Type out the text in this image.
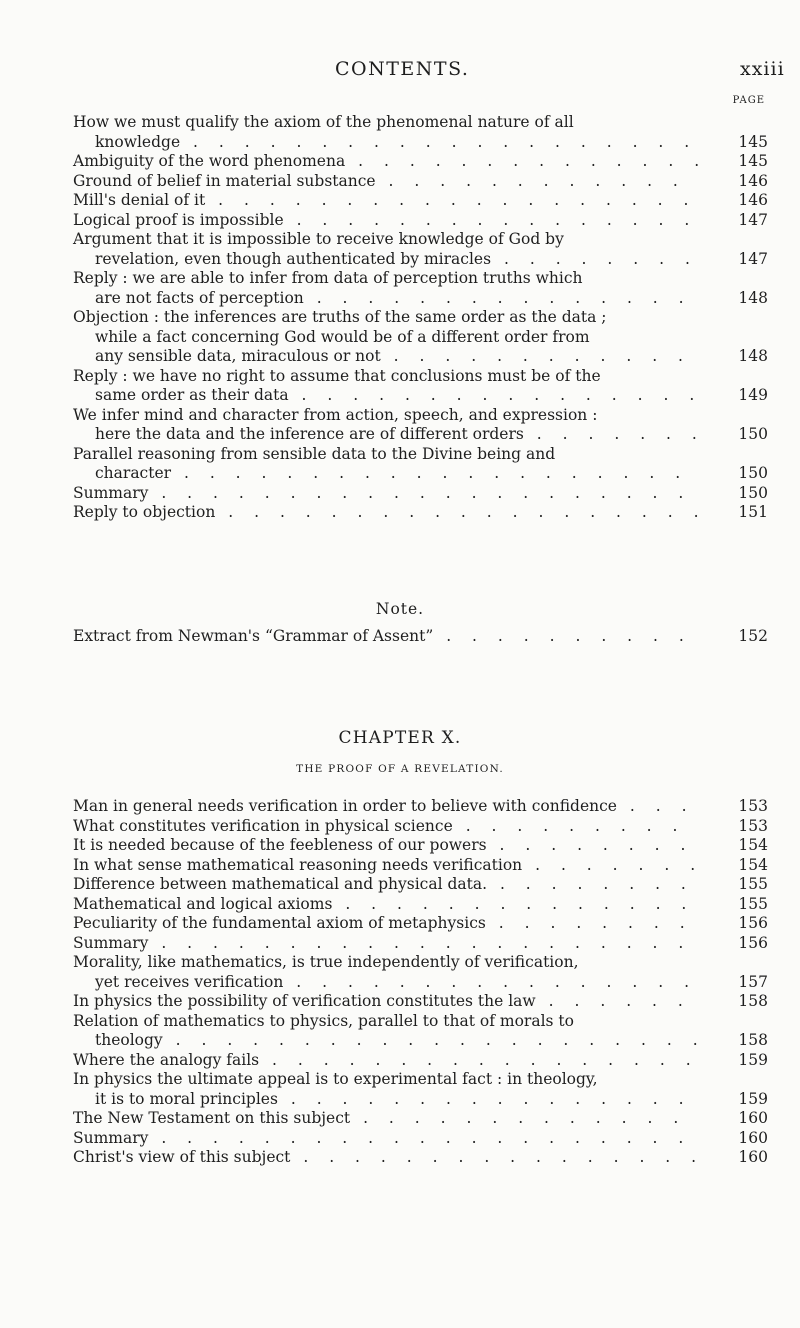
CONTENTS.	xxiii
PAGE
How we must qualify the axiom of the phenomenal nature of all
knowledge . . . . . . . . . . . . . . . . . . . .	145
Ambiguity of the word phenomena . . . . . . . . . . . . . .	145
Ground of belief in material substance . . . . . . . . . . . .	146
Mill's denial of it . . . . . . . . . . . . . . . . . . .	146
Logical proof is impossible . . . . . . . . . . . . . . . .	147
Argument that it is impossible to receive knowledge of God by
revelation, even though authenticated by miracles . . . . . . . .	147
Reply : we are able to infer from data of perception truths which
are not facts of perception . . . . . . . . . . . . . . .	148
Objection : the inferences are truths of the same order as the data ;
while a fact concerning God would be of a different order from
any sensible data, miraculous or not . . . . . . . . . . . .	148
Reply : we have no right to assume that conclusions must be of the
same order as their data . . . . . . . . . . . . . . . .	149
We infer mind and character from action, speech, and expression :
here the data and the inference are of different orders . . . . . . .	150
Parallel reasoning from sensible data to the Divine being and
character . . . . . . . . . . . . . . . . . . . .	150
Summary . . . . . . . . . . . . . . . . . . . . .	150
Reply to objection . . . . . . . . . . . . . . . . . . .	151
Note.
Extract from Newman's “Grammar of Assent” . . . . . . . . . .	152
CHAPTER X.
THE PROOF OF A REVELATION.
Man in general needs verification in order to believe with confidence . . .	153
What constitutes verification in physical science . . . . . . . . .	153
It is needed because of the feebleness of our powers . . . . . . . .	154
In what sense mathematical reasoning needs verification . . . . . . .	154
Difference between mathematical and physical data. . . . . . . . .	155
Mathematical and logical axioms . . . . . . . . . . . . . .	155
Peculiarity of the fundamental axiom of metaphysics . . . . . . . .	156
Summary . . . . . . . . . . . . . . . . . . . . .	156
Morality, like mathematics, is true independently of verification,
yet receives verification . . . . . . . . . . . . . . . .	157
In physics the possibility of verification constitutes the law . . . . . .	158
Relation of mathematics to physics, parallel to that of morals to
theology . . . . . . . . . . . . . . . . . . . . .	158
Where the analogy fails . . . . . . . . . . . . . . . . .	159
In physics the ultimate appeal is to experimental fact : in theology,
it is to moral principles . . . . . . . . . . . . . . . .	159
The New Testament on this subject . . . . . . . . . . . . .	160
Summary . . . . . . . . . . . . . . . . . . . . .	160
Christ's view of this subject . . . . . . . . . . . . . . . .	160
